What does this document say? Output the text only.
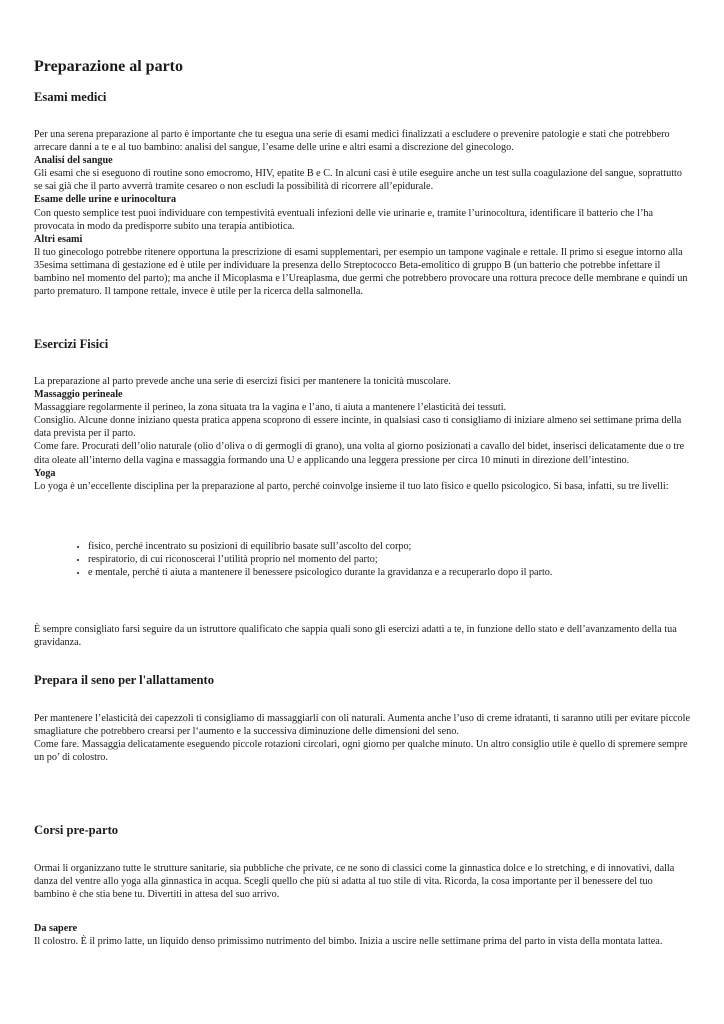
Preparazione al parto
Esami medici

Per una serena preparazione al parto è importante che tu esegua una serie di esami medici finalizzati a escludere o prevenire patologie e stati che potrebbero arrecare danni a te e al tuo bambino: analisi del sangue, l’esame delle urine e altri esami a discrezione del ginecologo.

Analisi del sangue

Gli esami che si eseguono di routine sono emocromo, HIV, epatite B e C. In alcuni casi è utile eseguire anche un test sulla coagulazione del sangue, soprattutto se sai già che il parto avverrà tramite cesareo o non escludi la possibilità di ricorrere all’epidurale.

Esame delle urine e urinocoltura

Con questo semplice test puoi individuare con tempestività eventuali infezioni delle vie urinarie e, tramite l’urinocoltura, identificare il batterio che l’ha provocata in modo da predisporre subito una terapia antibiotica.

Altri esami

Il tuo ginecologo potrebbe ritenere opportuna la prescrizione di esami supplementari, per esempio un tampone vaginale e rettale. Il primo si esegue intorno alla 35esima settimana di gestazione ed è utile per individuare la presenza dello Streptococco Beta-emolitico di gruppo B (un batterio che potrebbe infettare il bambino nel momento del parto); ma anche il Micoplasma e l’Ureaplasma, due germi che potrebbero provocare una rottura precoce delle membrane e quindi un parto prematuro. Il tampone rettale, invece è utile per la ricerca della salmonella.

Esercizi Fisici

La preparazione al parto prevede anche una serie di esercizi fisici per mantenere la tonicità muscolare.

Massaggio perineale

Massaggiare regolarmente il perineo, la zona situata tra la vagina e l’ano, ti aiuta a mantenere l’elasticità dei tessuti.

Consiglio. Alcune donne iniziano questa pratica appena scoprono di essere incinte, in qualsiasi caso ti consigliamo di iniziare almeno sei settimane prima della data prevista per il parto.

Come fare. Procurati dell’olio naturale (olio d’oliva o di germogli di grano), una volta al giorno posizionati a cavallo del bidet, inserisci delicatamente due o tre dita oleate all’interno della vagina e massaggia formando una U e applicando una leggera pressione per circa 10 minuti in direzione dell’intestino.

Yoga

Lo yoga è un’eccellente disciplina per la preparazione al parto, perché coinvolge insieme il tuo lato fisico e quello psicologico. Si basa, infatti, su tre livelli:

• fisico, perché incentrato su posizioni di equilibrio basate sull’ascolto del corpo;
• respiratorio, di cui riconoscerai l’utilità proprio nel momento del parto;
• e mentale, perché ti aiuta a mantenere il benessere psicologico durante la gravidanza e a recuperarlo dopo il parto.

È sempre consigliato farsi seguire da un istruttore qualificato che sappia quali sono gli esercizi adatti a te, in funzione dello stato e dell’avanzamento della tua gravidanza.

Prepara il seno per l'allattamento

Per mantenere l’elasticità dei capezzoli ti consigliamo di massaggiarli con oli naturali. Aumenta anche l’uso di creme idratanti, ti saranno utili per evitare piccole smagliature che potrebbero crearsi per l‘aumento e la successiva diminuzione delle dimensioni del seno.

Come fare. Massaggia delicatamente eseguendo piccole rotazioni circolari, ogni giorno per qualche minuto. Un altro consiglio utile è quello di spremere sempre un po’ di colostro.

Corsi pre-parto

Ormai li organizzano tutte le strutture sanitarie, sia pubbliche che private, ce ne sono di classici come la ginnastica dolce e lo stretching, e di innovativi, dalla danza del ventre allo yoga alla ginnastica in acqua. Scegli quello che più si adatta al tuo stile di vita. Ricorda, la cosa importante per il benessere del tuo bambino è che stia bene tu. Divertiti in attesa del suo arrivo.

Da sapere

Il colostro. È il primo latte, un liquido denso primissimo nutrimento del bimbo. Inizia a uscire nelle settimane prima del parto in vista della montata lattea.
